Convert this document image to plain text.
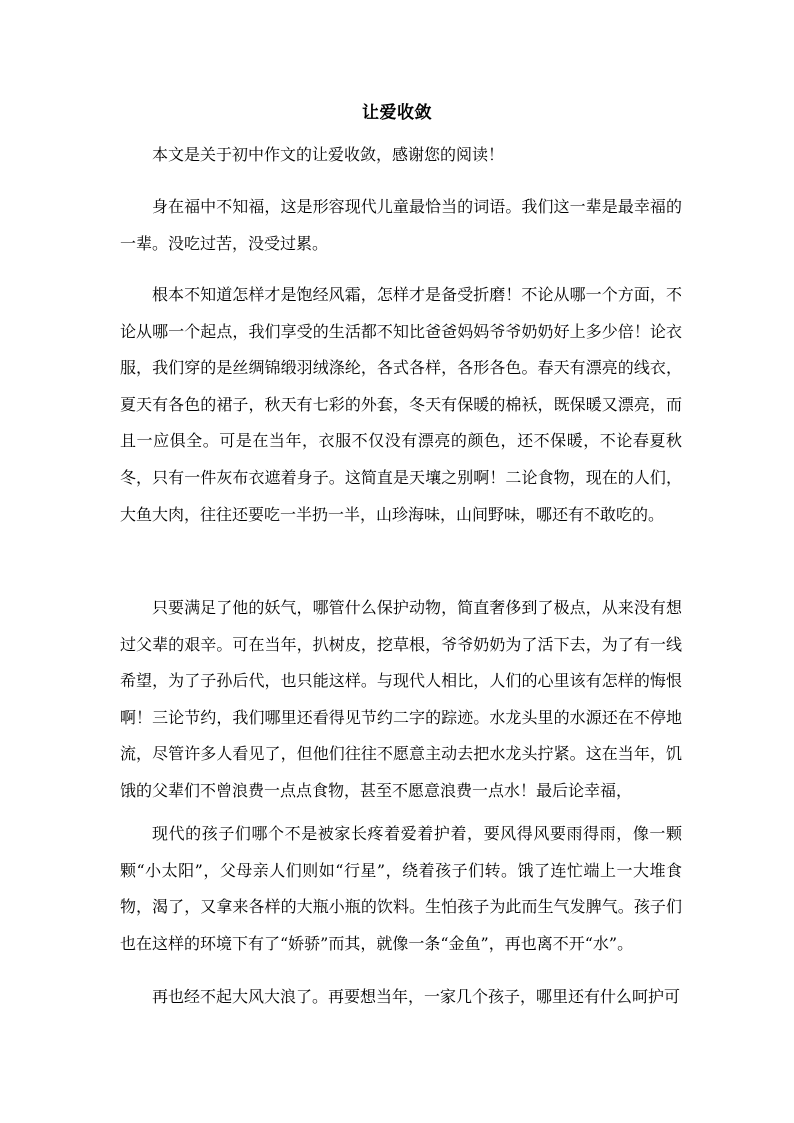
让爱收敛

本文是关于初中作文的让爱收敛，感谢您的阅读！

身在福中不知福，这是形容现代儿童最恰当的词语。我们这一辈是最幸福的一辈。没吃过苦，没受过累。

根本不知道怎样才是饱经风霜，怎样才是备受折磨！不论从哪一个方面，不论从哪一个起点，我们享受的生活都不知比爸爸妈妈爷爷奶奶好上多少倍！论衣服，我们穿的是丝绸锦缎羽绒涤纶，各式各样，各形各色。春天有漂亮的线衣，夏天有各色的裙子，秋天有七彩的外套，冬天有保暖的棉袄，既保暖又漂亮，而且一应俱全。可是在当年，衣服不仅没有漂亮的颜色，还不保暖，不论春夏秋冬，只有一件灰布衣遮着身子。这简直是天壤之别啊！二论食物，现在的人们，大鱼大肉，往往还要吃一半扔一半，山珍海味，山间野味，哪还有不敢吃的。

只要满足了他的妖气，哪管什么保护动物，简直奢侈到了极点，从来没有想过父辈的艰辛。可在当年，扒树皮，挖草根，爷爷奶奶为了活下去，为了有一线希望，为了子孙后代，也只能这样。与现代人相比，人们的心里该有怎样的悔恨啊！三论节约，我们哪里还看得见节约二字的踪迹。水龙头里的水源还在不停地流，尽管许多人看见了，但他们往往不愿意主动去把水龙头拧紧。这在当年，饥饿的父辈们不曾浪费一点点食物，甚至不愿意浪费一点水！最后论幸福，

现代的孩子们哪个不是被家长疼着爱着护着，要风得风要雨得雨，像一颗颗“小太阳”，父母亲人们则如“行星”，绕着孩子们转。饿了连忙端上一大堆食物，渴了，又拿来各样的大瓶小瓶的饮料。生怕孩子为此而生气发脾气。孩子们也在这样的环境下有了“娇骄”而其，就像一条“金鱼”，再也离不开“水”。

再也经不起大风大浪了。再要想当年，一家几个孩子，哪里还有什么呵护可
